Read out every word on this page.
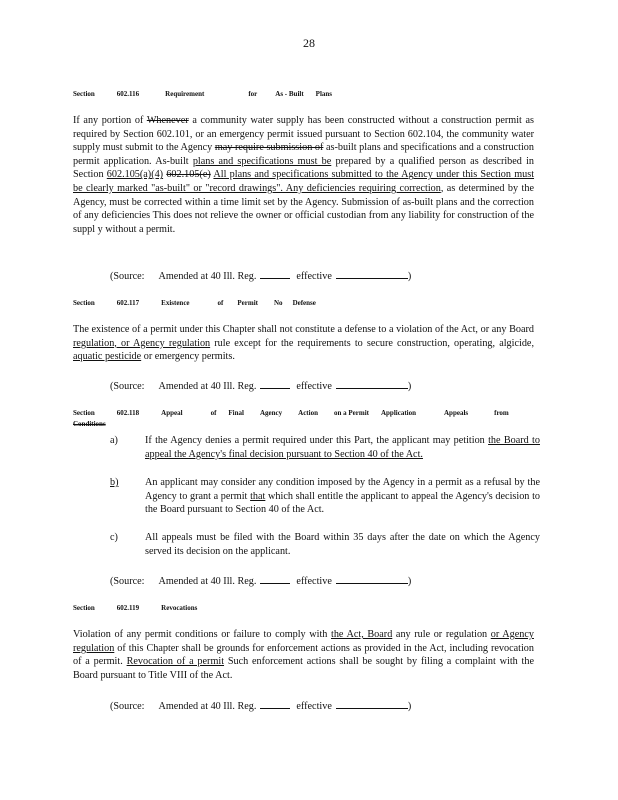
28
Section	602.116	Requirement	for	As - Built Plans
If any portion of Whenever a community water supply has been constructed without a construction permit as required by Section 602.101, or an emergency permit issued pursuant to Section 602.104, the community water supply must submit to the Agency may require submission of as-built plans and specifications and a construction permit application. As-built plans and specifications must be prepared by a qualified person as described in Section 602.105(a)(4) 602.105(e) All plans and specifications submitted to the Agency under this Section must be clearly marked "as-built" or "record drawings". Any deficiencies requiring correction, as determined by the Agency, must be corrected within a time limit set by the Agency. Submission of as-built plans and the correction of any deficiencies This does not relieve the owner or official custodian from any liability for construction of the suppl y without a permit.
(Source: Amended at 40 Ill. Reg.	effective	)
Section	602.117	Existence	of Permit No Defense
The existence of a permit under this Chapter shall not constitute a defense to a violation of the Act, or any Board regulation, or Agency regulation rule except for the requirements to secure construction, operating, algicide, aquatic pesticide or emergency permits.
(Source: Amended at 40 Ill. Reg.	effective	)
Section	602.118	Appeal	of Final Agency Action on a Permit Application	Appeals	from
Conditions
a)	If the Agency denies a permit required under this Part, the applicant may petition the Board to appeal the Agency's final decision pursuant to Section 40 of the Act.
b)	An applicant may consider any condition imposed by the Agency in a permit as a refusal by the Agency to grant a permit that which shall entitle the applicant to appeal the Agency's decision to the Board pursuant to Section 40 of the Act.
c)	All appeals must be filed with the Board within 35 days after the date on which the Agency served its decision on the applicant.
(Source: Amended at 40 Ill. Reg.	effective	)
Section	602.119	Revocations
Violation of any permit conditions or failure to comply with the Act, Board any rule or regulation or Agency regulation of this Chapter shall be grounds for enforcement actions as provided in the Act, including revocation of a permit. Revocation of a permit Such enforcement actions shall be sought by filing a complaint with the Board pursuant to Title VIII of the Act.
(Source: Amended at 40 Ill. Reg.	effective	)
